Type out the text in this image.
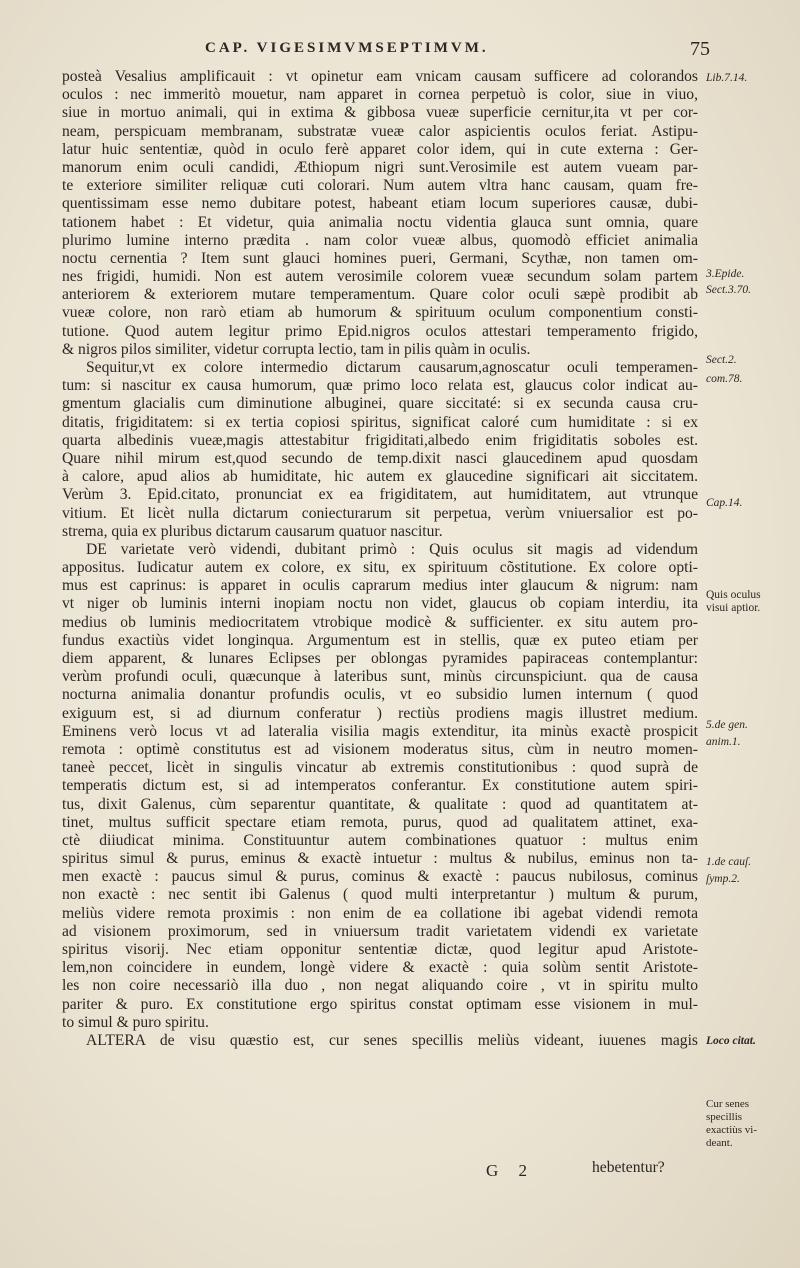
CAP. VIGESIMVMSEPTIMVM.	75
posteà Vesalius amplificauit : vt opinetur eam vnicam causam sufficere ad colorandos
oculos : nec immeritò mouetur, nam apparet in cornea perpetuò is color, siue in viuo,
siue in mortuo animali, qui in extima & gibbosa vueæ superficie cernitur,ita vt per cor-
neam, perspicuam membranam, substratæ vueæ calor aspicientis oculos feriat. Astipu-
latur huic sententiæ, quòd in oculo ferè apparet color idem, qui in cute externa : Ger-
manorum enim oculi candidi, Æthiopum nigri sunt.Verosimile est autem vueam par-
te exteriore similiter reliquæ cuti colorari. Num autem vltra hanc causam, quam fre-
quentissimam esse nemo dubitare potest, habeant etiam locum superiores causæ, dubi-
tationem habet : Et videtur, quia animalia noctu videntia glauca sunt omnia, quare
plurimo lumine interno prædita . nam color vueæ albus, quomodò efficiet animalia
noctu cernentia ? Item sunt glauci homines pueri, Germani, Scythæ, non tamen om-
nes frigidi, humidi. Non est autem verosimile colorem vueæ secundum solam partem
anteriorem & exteriorem mutare temperamentum. Quare color oculi sæpè prodibit ab
vueæ colore, non rarò etiam ab humorum & spirituum oculum componentium consti-
tutione. Quod autem legitur primo Epid.nigros oculos attestari temperamento frigido,
& nigros pilos similiter, videtur corrupta lectio, tam in pilis quàm in oculis.
Sequitur,vt ex colore intermedio dictarum causarum,agnoscatur oculi temperamen-
tum: si nascitur ex causa humorum, quæ primo loco relata est, glaucus color indicat au-
gmentum glacialis cum diminutione albuginei, quare siccitaté: si ex secunda causa cru-
ditatis, frigiditatem: si ex tertia copiosi spiritus, significat caloré cum humiditate : si ex
quarta albedinis vueæ,magis attestabitur frigiditati,albedo enim frigiditatis soboles est.
Quare nihil mirum est,quod secundo de temp.dixit nasci glaucedinem apud quosdam
à calore, apud alios ab humiditate, hic autem ex glaucedine significari ait siccitatem.
Verùm 3. Epid.citato, pronunciat ex ea frigiditatem, aut humiditatem, aut vtrunque
vitium. Et licèt nulla dictarum coniecturarum sit perpetua, verùm vniuersalior est po-
strema, quia ex pluribus dictarum causarum quatuor nascitur.
DE varietate verò videndi, dubitant primò : Quis oculus sit magis ad videndum
appositus. Iudicatur autem ex colore, ex situ, ex spirituum cõstitutione. Ex colore opti-
mus est caprinus: is apparet in oculis caprarum medius inter glaucum & nigrum: nam
vt niger ob luminis interni inopiam noctu non videt, glaucus ob copiam interdiu, ita
medius ob luminis mediocritatem vtrobique modicè & sufficienter. ex situ autem pro-
fundus exactiùs videt longinqua. Argumentum est in stellis, quæ ex puteo etiam per
diem apparent, & lunares Eclipses per oblongas pyramides papiraceas contemplantur:
verùm profundi oculi, quæcunque à lateribus sunt, minùs circunspiciunt. qua de causa
nocturna animalia donantur profundis oculis, vt eo subsidio lumen internum ( quod
exiguum est, si ad diurnum conferatur ) rectiùs prodiens magis illustret medium.
Eminens verò locus vt ad lateralia visilia magis extenditur, ita minùs exactè prospicit
remota : optimè constitutus est ad visionem moderatus situs, cùm in neutro momen-
taneè peccet, licèt in singulis vincatur ab extremis constitutionibus : quod suprà de
temperatis dictum est, si ad intemperatos conferantur. Ex constitutione autem spiri-
tus, dixit Galenus, cùm separentur quantitate, & qualitate : quod ad quantitatem at-
tinet, multus sufficit spectare etiam remota, purus, quod ad qualitatem attinet, exa-
ctè diiudicat minima. Constituuntur autem combinationes quatuor : multus enim
spiritus simul & purus, eminus & exactè intuetur : multus & nubilus, eminus non ta-
men exactè : paucus simul & purus, cominus & exactè : paucus nubilosus, cominus
non exactè : nec sentit ibi Galenus ( quod multi interpretantur ) multum & purum,
meliùs videre remota proximis : non enim de ea collatione ibi agebat videndi remota
ad visionem proximorum, sed in vniuersum tradit varietatem videndi ex varietate
spiritus visorij. Nec etiam opponitur sententiæ dictæ, quod legitur apud Aristote-
lem,non coincidere in eundem, longè videre & exactè : quia solùm sentit Aristote-
les non coire necessariò illa duo , non negat aliquando coire , vt in spiritu multo
pariter & puro. Ex constitutione ergo spiritus constat optimam esse visionem in mul-
to simul & puro spiritu.
ALTERA de visu quæstio est, cur senes specillis meliùs videant, iuuenes magis
G 2	hebetentur?
Lib.7.14.
3.Epide.
Sect.3.70.
Sect.2.
com.78.
Cap.14.
Quis oculus
visui aptior.
5.de gen.
anim.1.
1.de cauſ.
ſymp.2.
Loco citat.
Cur senes
specillis
exactiùs vi-
deant.
